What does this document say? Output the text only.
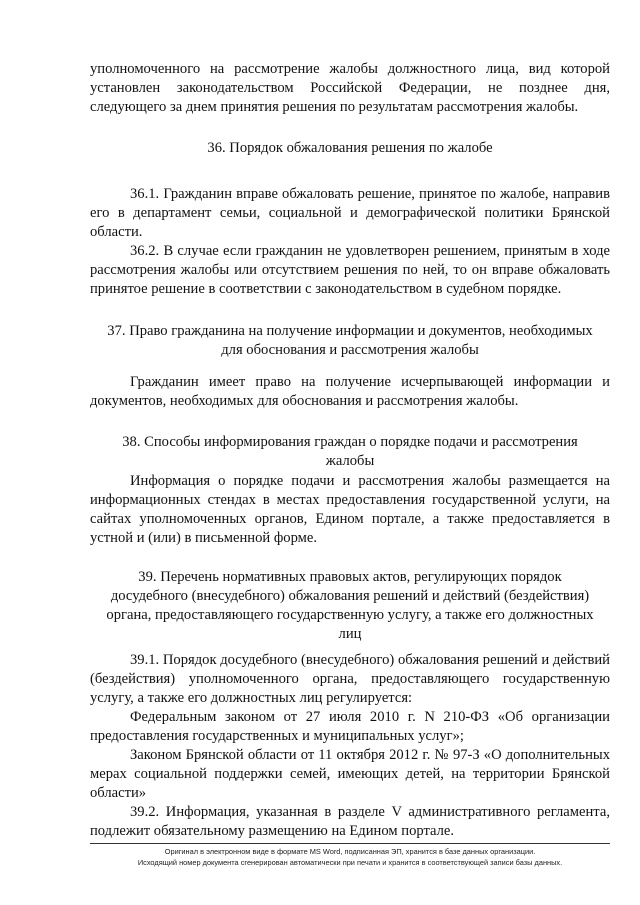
уполномоченного на рассмотрение жалобы должностного лица, вид которой установлен законодательством Российской Федерации, не позднее дня, следующего за днем принятия решения по результатам рассмотрения жалобы.

36. Порядок обжалования решения по жалобе

36.1. Гражданин вправе обжаловать решение, принятое по жалобе, направив его в департамент семьи, социальной и демографической политики Брянской области.

36.2. В случае если гражданин не удовлетворен решением, принятым в ходе рассмотрения жалобы или отсутствием решения по ней, то он вправе обжаловать принятое решение в соответствии с законодательством в судебном порядке.

37. Право гражданина на получение информации и документов, необходимых

для обоснования и рассмотрения жалобы

Гражданин имеет право на получение исчерпывающей информации и документов, необходимых для обоснования и рассмотрения жалобы.

38. Способы информирования граждан о порядке подачи и рассмотрения

жалобы

Информация о порядке подачи и рассмотрения жалобы размещается на информационных стендах в местах предоставления государственной услуги, на сайтах уполномоченных органов, Едином портале, а также предоставляется в устной и (или) в письменной форме.

39. Перечень нормативных правовых актов, регулирующих порядок

досудебного (внесудебного) обжалования решений и действий (бездействия)

органа, предоставляющего государственную услугу, а также его должностных

лиц

39.1. Порядок досудебного (внесудебного) обжалования решений и действий (бездействия) уполномоченного органа, предоставляющего государственную услугу, а также его должностных лиц регулируется:

Федеральным законом от 27 июля 2010 г. N 210-ФЗ «Об организации предоставления государственных и муниципальных услуг»;

Законом Брянской области от 11 октября 2012 г. № 97-З «О дополнительных мерах социальной поддержки семей, имеющих детей, на территории Брянской области»

39.2. Информация, указанная в разделе V административного регламента, подлежит обязательному размещению на Едином портале.

Оригинал в электронном виде в формате MS Word, подписанная ЭП, хранится в базе данных организации.
Исходящий номер документа сгенерирован автоматически при печати и хранится в соответствующей записи базы данных.
